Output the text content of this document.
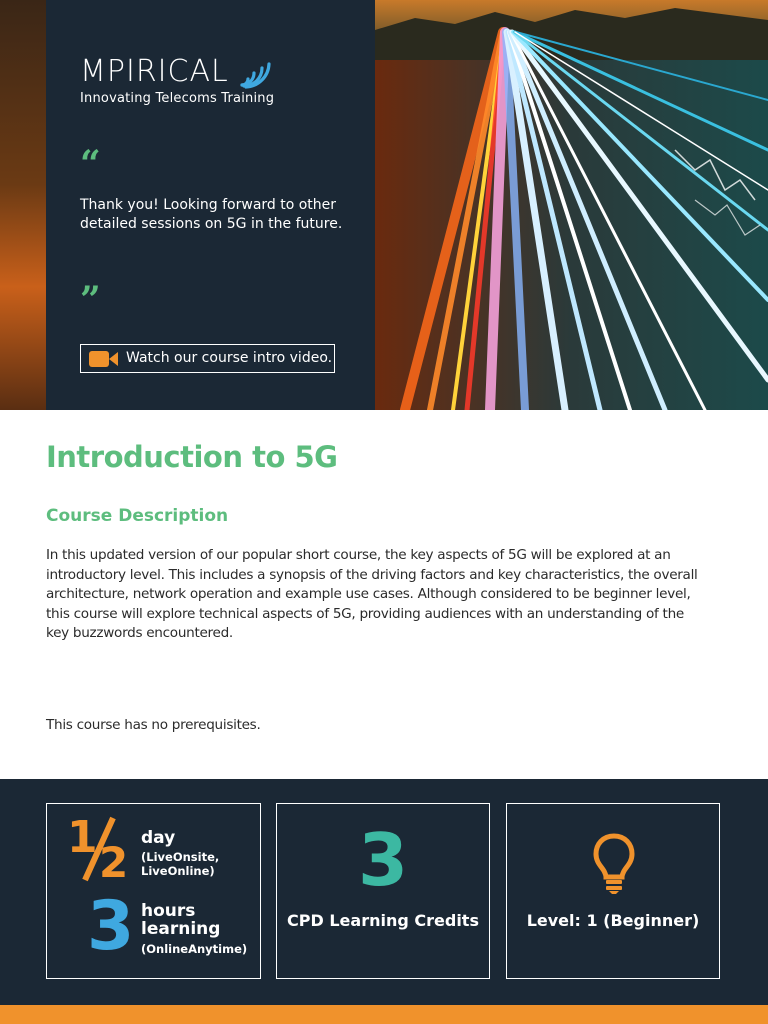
MPIRICAL
Innovating Telecoms Training
“

Thank you! Looking forward to other detailed sessions on 5G in the future.

”
Watch our course intro video.
Introduction to 5G
Course Description

In this updated version of our popular short course, the key aspects of 5G will be explored at an introductory level. This includes a synopsis of the driving factors and key characteristics, the overall architecture, network operation and example use cases. Although considered to be beginner level, this course will explore technical aspects of 5G, providing audiences with an understanding of the key buzzwords encountered.

This course has no prerequisites.

1 2 day
(LiveOnsite,
LiveOnline)
3 hours learning
(OnlineAnytime)
3
CPD Learning Credits	Level: 1 (Beginner)
